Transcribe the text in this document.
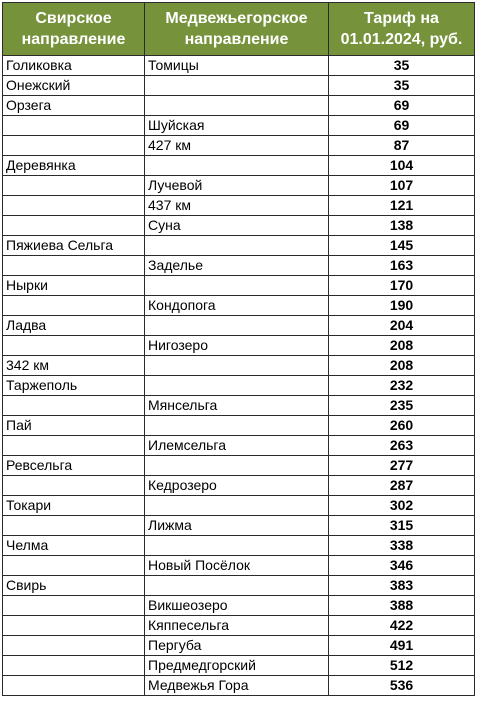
Свирское направление	Медвежьегорское направление	Тариф на 01.01.2024, руб.
Голиковка	Томицы	35
Онежский		35
Орзега		69
	Шуйская	69
	427 км	87
Деревянка		104
	Лучевой	107
	437 км	121
	Суна	138
Пяжиева Сельга		145
	Заделье	163
Нырки		170
	Кондопога	190
Ладва		204
	Нигозеро	208
342 км		208
Таржеполь		232
	Мянсельга	235
Пай		260
	Илемсельга	263
Ревсельга		277
	Кедрозеро	287
Токари		302
	Лижма	315
Челма		338
	Новый Посёлок	346
Свирь		383
	Викшеозеро	388
	Кяппесельга	422
	Пергуба	491
	Предмедгорский	512
	Медвежья Гора	536
